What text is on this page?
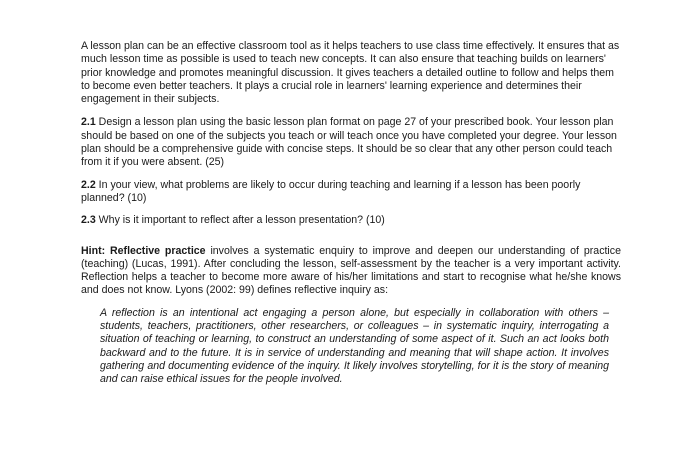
A lesson plan can be an effective classroom tool as it helps teachers to use class time effectively. It ensures that as much lesson time as possible is used to teach new concepts. It can also ensure that teaching builds on learners' prior knowledge and promotes meaningful discussion. It gives teachers a detailed outline to follow and helps them to become even better teachers. It plays a crucial role in learners' learning experience and determines their engagement in their subjects.

2.1 Design a lesson plan using the basic lesson plan format on page 27 of your prescribed book. Your lesson plan should be based on one of the subjects you teach or will teach once you have completed your degree. Your lesson plan should be a comprehensive guide with concise steps. It should be so clear that any other person could teach from it if you were absent. (25)

2.2 In your view, what problems are likely to occur during teaching and learning if a lesson has been poorly planned? (10)

2.3 Why is it important to reflect after a lesson presentation? (10)

Hint: Reflective practice involves a systematic enquiry to improve and deepen our understanding of practice (teaching) (Lucas, 1991). After concluding the lesson, self-assessment by the teacher is a very important activity. Reflection helps a teacher to become more aware of his/her limitations and start to recognise what he/she knows and does not know. Lyons (2002: 99) defines reflective inquiry as:

A reflection is an intentional act engaging a person alone, but especially in collaboration with others – students, teachers, practitioners, other researchers, or colleagues – in systematic inquiry, interrogating a situation of teaching or learning, to construct an understanding of some aspect of it. Such an act looks both backward and to the future. It is in service of understanding and meaning that will shape action. It involves gathering and documenting evidence of the inquiry. It likely involves storytelling, for it is the story of meaning and can raise ethical issues for the people involved.
